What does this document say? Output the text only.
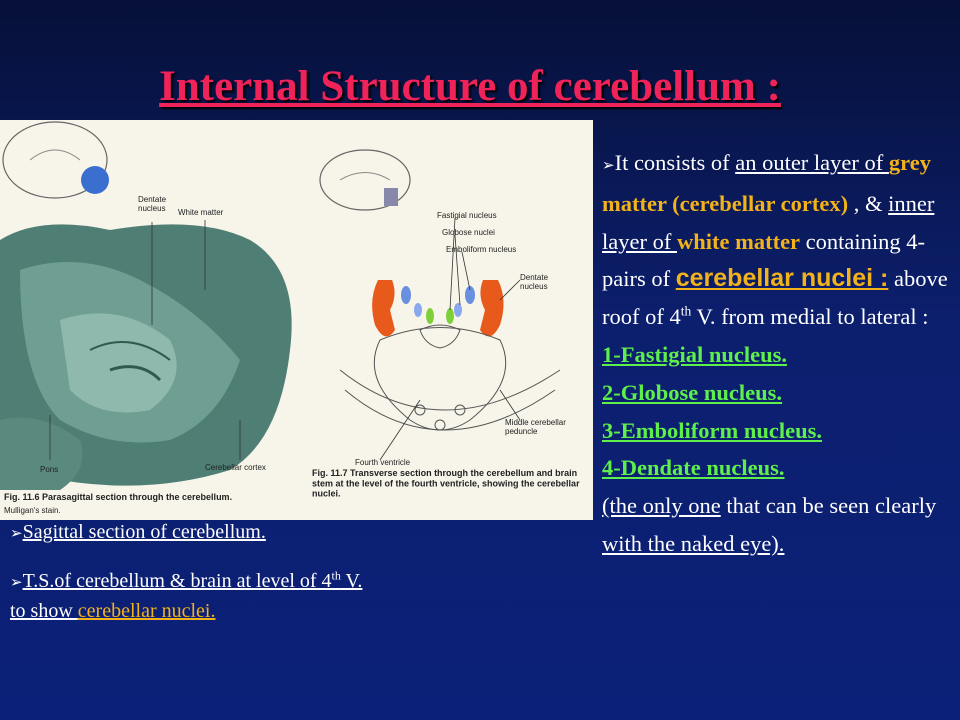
Internal Structure of cerebellum :
Dentate nucleus White matter
Pons	Cerebellar cortex
Fig. 11.6 Parasagittal section through the cerebellum.
Mulligan's stain.
Fastigial nucleus
Globose nuclei
Emboliform nucleus
Dentate nucleus
Fourth ventricle
Middle cerebellar peduncle
Fig. 11.7 Transverse section through the cerebellum and brain stem at the level of the fourth ventricle, showing the cerebellar nuclei.
➢Sagittal section of cerebellum.
➢T.S.of cerebellum & brain at level of 4th V.
to show cerebellar nuclei.
➢It consists of an outer layer of grey matter (cerebellar cortex) , & inner layer of white matter containing 4-pairs of cerebellar nuclei : above roof of 4th V. from medial to lateral :
1-Fastigial nucleus.
2-Globose nucleus.
3-Emboliform nucleus.
4-Dendate nucleus.
(the only one that can be seen clearly with the naked eye).
